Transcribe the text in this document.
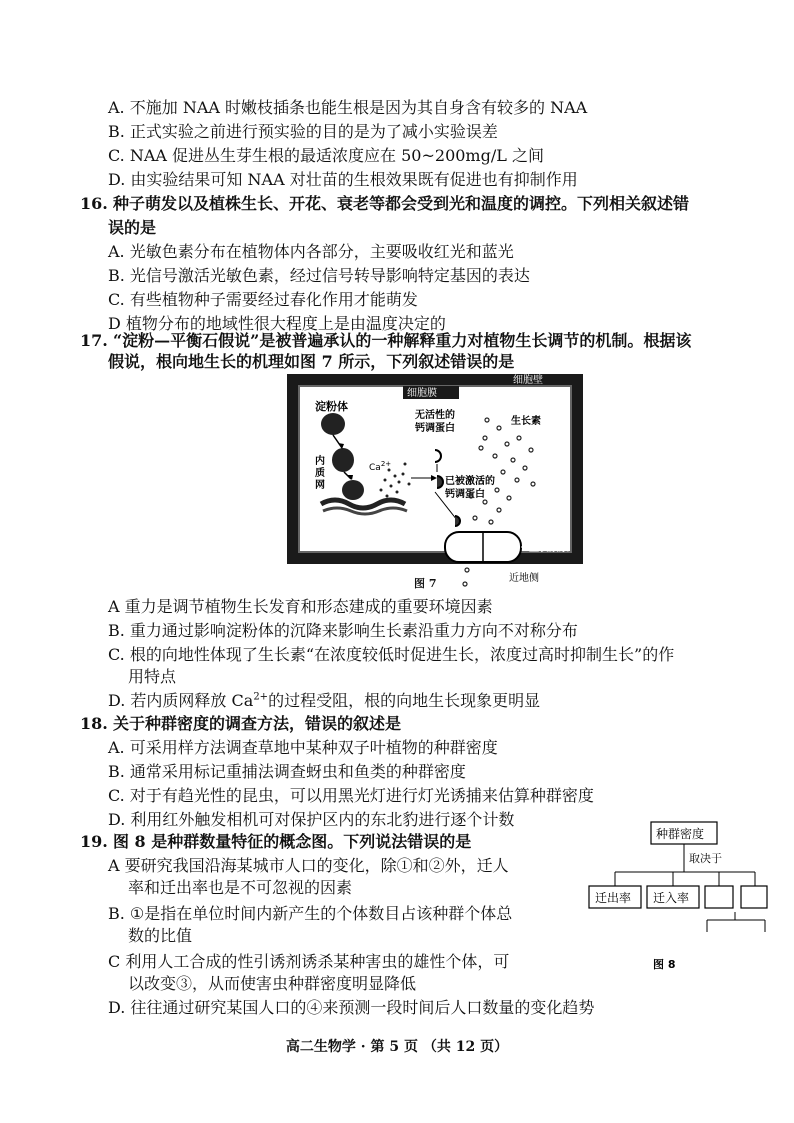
A. 不施加 NAA 时嫩枝插条也能生根是因为其自身含有较多的 NAA
B. 正式实验之前进行预实验的目的是为了减小实验误差
C. NAA 促进丛生芽生根的最适浓度应在 50~200mg/L 之间
D. 由实验结果可知 NAA 对壮苗的生根效果既有促进也有抑制作用
16. 种子萌发以及植株生长、开花、衰老等都会受到光和温度的调控。下列相关叙述错
误的是
A. 光敏色素分布在植物体内各部分，主要吸收红光和蓝光
B. 光信号激活光敏色素，经过信号转导影响特定基因的表达
C. 有些植物种子需要经过春化作用才能萌发
D 植物分布的地域性很大程度上是由温度决定的
17. “淀粉—平衡石假说”是被普遍承认的一种解释重力对植物生长调节的机制。根据该
假说，根向地生长的机理如图 7 所示，下列叙述错误的是
细胞壁
细胞膜
淀粉体
内
质
网
$Ca^{2+}$
无活性的
钙调蛋白
已被激活的
钙调蛋白
生长素
生长素泵
近地侧
图 7
A 重力是调节植物生长发育和形态建成的重要环境因素
B. 重力通过影响淀粉体的沉降来影响生长素沿重力方向不对称分布
C. 根的向地性体现了生长素“在浓度较低时促进生长，浓度过高时抑制生长”的作
用特点
D. 若内质网释放 $Ca^{2+}$的过程受阻，根的向地生长现象更明显
18. 关于种群密度的调查方法，错误的叙述是
A. 可采用样方法调查草地中某种双子叶植物的种群密度
B. 通常采用标记重捕法调查蚜虫和鱼类的种群密度
C. 对于有趋光性的昆虫，可以用黑光灯进行灯光诱捕来估算种群密度
D. 利用红外触发相机可对保护区内的东北豹进行逐个计数
19. 图 8 是种群数量特征的概念图。下列说法错误的是
A 要研究我国沿海某城市人口的变化，除①和②外，迁人
率和迁出率也是不可忽视的因素
B. ①是指在单位时间内新产生的个体数目占该种群个体总
数的比值
C 利用人工合成的性引诱剂诱杀某种害虫的雄性个体，可
以改变③，从而使害虫种群密度明显降低
D. 往往通过研究某国人口的④来预测一段时间后人口数量的变化趋势
种群密度
取决于
迁出率 迁入率
图 8
高二生物学 · 第 5 页 （共 12 页）
